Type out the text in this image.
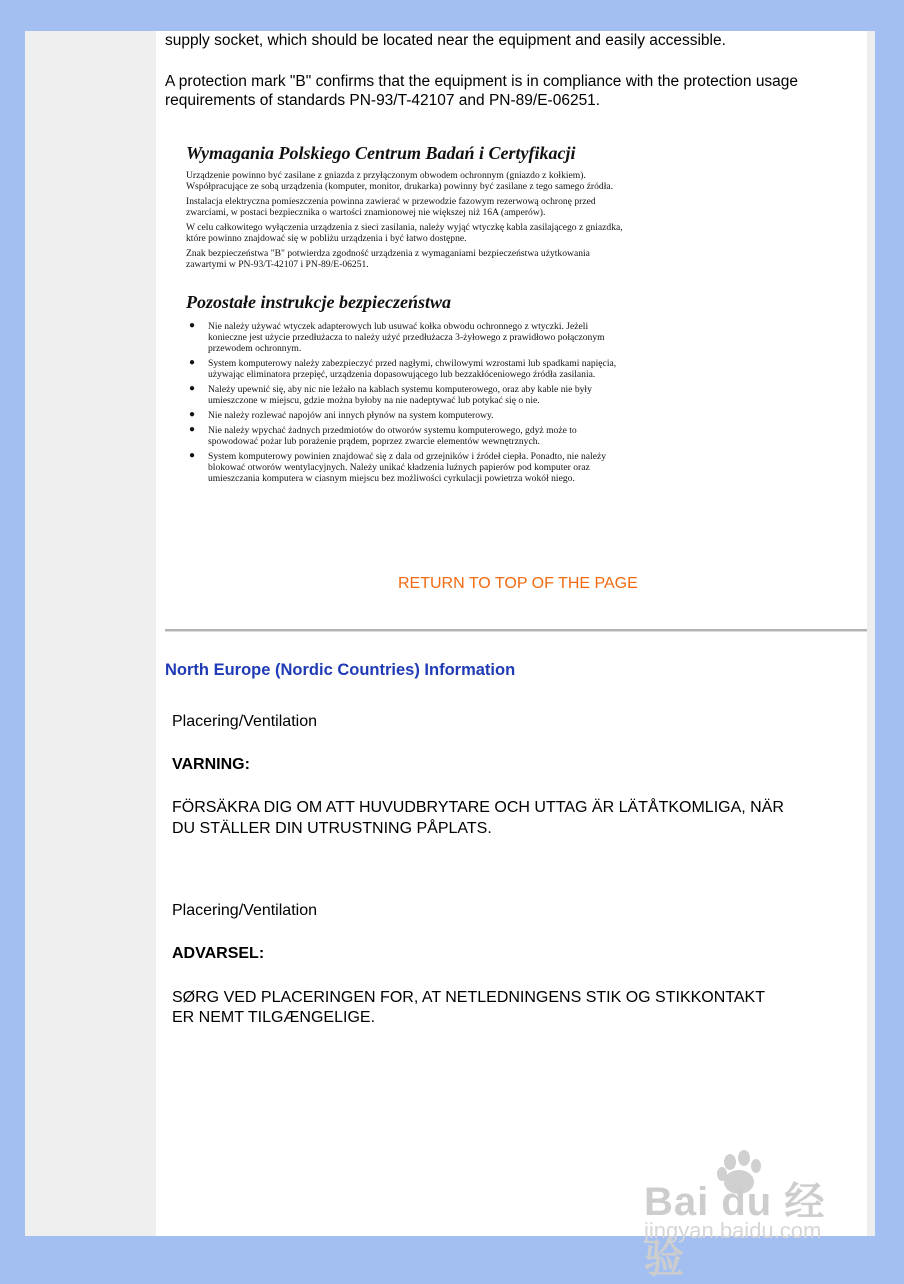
supply socket, which should be located near the equipment and easily accessible.

A protection mark "B" confirms that the equipment is in compliance with the protection usage

requirements of standards PN-93/T-42107 and PN-89/E-06251.

Wymagania Polskiego Centrum Badań i Certyfikacji

Urządzenie powinno być zasilane z gniazda z przyłączonym obwodem ochronnym (gniazdo z kołkiem). Współpracujące ze sobą urządzenia (komputer, monitor, drukarka) powinny być zasilane z tego samego źródła.

Instalacja elektryczna pomieszczenia powinna zawierać w przewodzie fazowym rezerwową ochronę przed zwarciami, w postaci bezpiecznika o wartości znamionowej nie większej niż 16A (amperów).

W celu całkowitego wyłączenia urządzenia z sieci zasilania, należy wyjąć wtyczkę kabla zasilającego z gniazdka, które powinno znajdować się w pobliżu urządzenia i być łatwo dostępne.

Znak bezpieczeństwa "B" potwierdza zgodność urządzenia z wymaganiami bezpieczeństwa użytkowania zawartymi w PN-93/T-42107 i PN-89/E-06251.

Pozostałe instrukcje bezpieczeństwa
● Nie należy używać wtyczek adapterowych lub usuwać kołka obwodu ochronnego z wtyczki. Jeżeli konieczne jest użycie przedłużacza to należy użyć przedłużacza 3-żyłowego z prawidłowo połączonym przewodem ochronnym.
● System komputerowy należy zabezpieczyć przed nagłymi, chwilowymi wzrostami lub spadkami napięcia, używając eliminatora przepięć, urządzenia dopasowującego lub bezzakłóceniowego źródła zasilania.
● Należy upewnić się, aby nic nie leżało na kablach systemu komputerowego, oraz aby kable nie były umieszczone w miejscu, gdzie można byłoby na nie nadeptywać lub potykać się o nie.
● Nie należy rozlewać napojów ani innych płynów na system komputerowy.
● Nie należy wpychać żadnych przedmiotów do otworów systemu komputerowego, gdyż może to spowodować pożar lub porażenie prądem, poprzez zwarcie elementów wewnętrznych.
● System komputerowy powinien znajdować się z dala od grzejników i źródeł ciepła. Ponadto, nie należy blokować otworów wentylacyjnych. Należy unikać kładzenia luźnych papierów pod komputer oraz umieszczania komputera w ciasnym miejscu bez możliwości cyrkulacji powietrza wokół niego.
RETURN TO TOP OF THE PAGE
North Europe (Nordic Countries) Information
Placering/Ventilation
VARNING:
FÖRSÄKRA DIG OM ATT HUVUDBRYTARE OCH UTTAG ÄR LÄTÅTKOMLIGA, NÄR
DU STÄLLER DIN UTRUSTNING PÅPLATS.
Placering/Ventilation
ADVARSEL:
SØRG VED PLACERINGEN FOR, AT NETLEDNINGENS STIK OG STIKKONTAKT
ER NEMT TILGÆNGELIGE.
Bai du 经验
jingyan.baidu.com
